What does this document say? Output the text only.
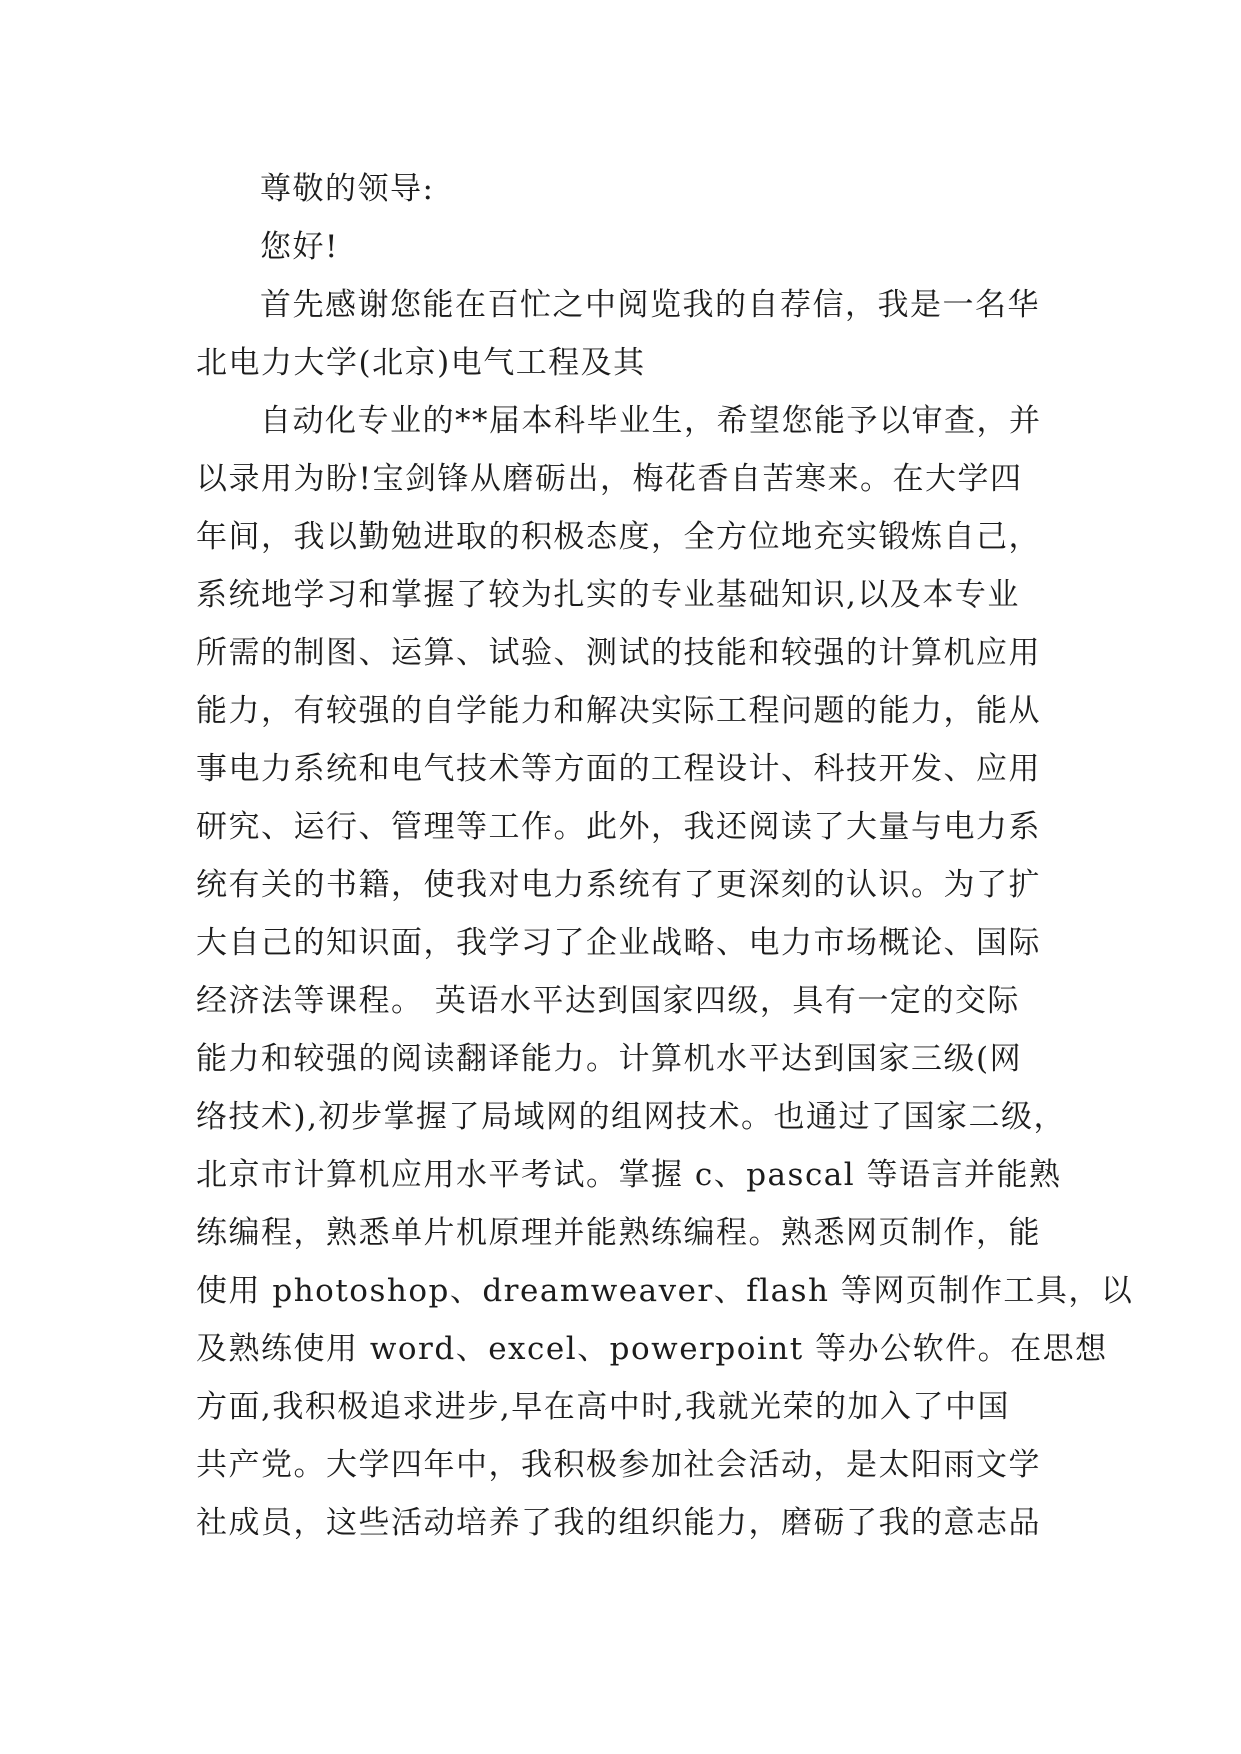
尊敬的领导:
您好!
首先感谢您能在百忙之中阅览我的自荐信，我是一名华
北电力大学(北京)电气工程及其
自动化专业的**届本科毕业生，希望您能予以审查，并
以录用为盼!宝剑锋从磨砺出，梅花香自苦寒来。在大学四
年间，我以勤勉进取的积极态度，全方位地充实锻炼自己，
系统地学习和掌握了较为扎实的专业基础知识,以及本专业
所需的制图、运算、试验、测试的技能和较强的计算机应用
能力，有较强的自学能力和解决实际工程问题的能力，能从
事电力系统和电气技术等方面的工程设计、科技开发、应用
研究、运行、管理等工作。此外，我还阅读了大量与电力系
统有关的书籍，使我对电力系统有了更深刻的认识。为了扩
大自己的知识面，我学习了企业战略、电力市场概论、国际
经济法等课程。 英语水平达到国家四级，具有一定的交际
能力和较强的阅读翻译能力。计算机水平达到国家三级(网
络技术),初步掌握了局域网的组网技术。也通过了国家二级，
北京市计算机应用水平考试。掌握 c、pascal 等语言并能熟
练编程，熟悉单片机原理并能熟练编程。熟悉网页制作，能
使用 photoshop、dreamweaver、flash 等网页制作工具，以
及熟练使用 word、excel、powerpoint 等办公软件。在思想
方面,我积极追求进步,早在高中时,我就光荣的加入了中国
共产党。大学四年中，我积极参加社会活动，是太阳雨文学
社成员，这些活动培养了我的组织能力，磨砺了我的意志品
